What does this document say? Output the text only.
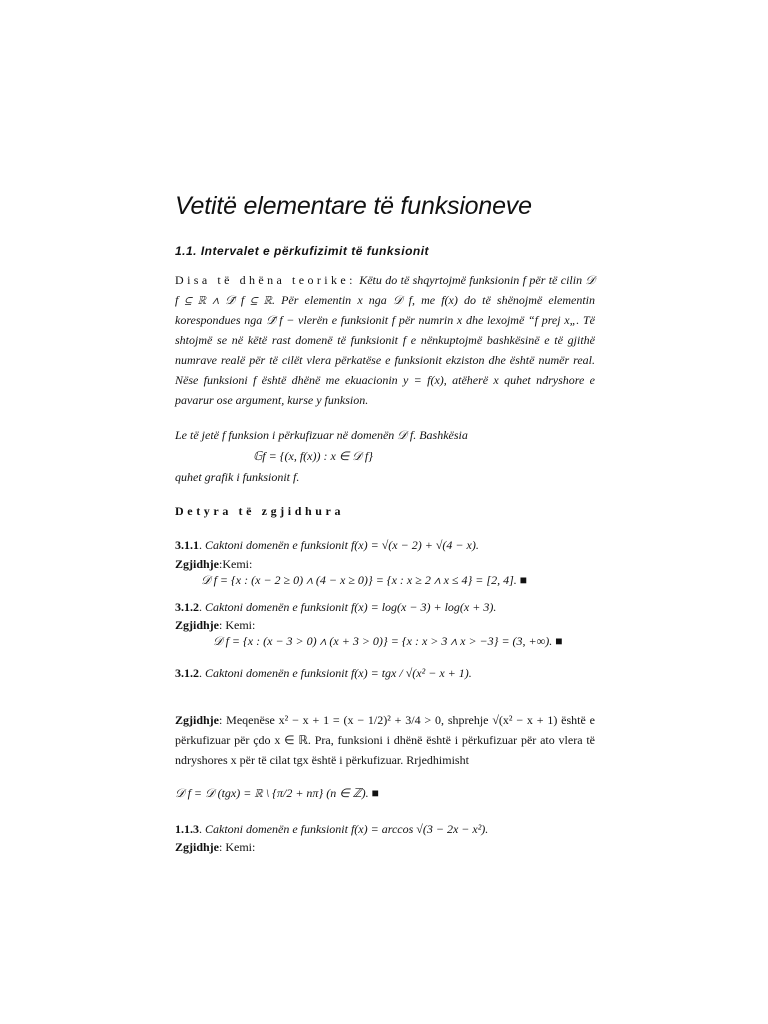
Vetitë elementare të funksioneve
1.1. Intervalet e përkufizimit të funksionit
Disa të dhëna teorike: Këtu do të shqyrtojmë funksionin f për të cilin 𝒟 f ⊆ ℝ ∧ 𝒟̄ f ⊆ ℝ. Për elementin x nga 𝒟 f, me f(x) do të shënojmë elementin korespondues nga 𝒟̄ f − vlerën e funksionit f për numrin x dhe lexojmë “f prej x„. Të shtojmë se në këtë rast domenë të funksionit f e nënkuptojmë bashkësinë e të gjithë numrave realë për të cilët vlera përkatëse e funksionit ekziston dhe është numër real. Nëse funksioni f është dhënë me ekuacionin y = f(x), atëherë x quhet ndryshore e pavarur ose argument, kurse y funksion.
Le të jetë f funksion i përkufizuar në domenën 𝒟 f. Bashkësia
𝔾f = {(x, f(x)) : x ∈ 𝒟 f}
quhet grafik i funksionit f.
Detyra të zgjidhura
3.1.1. Caktoni domenën e funksionit f(x) = √(x − 2) + √(4 − x).
Zgjidhje:Kemi:
𝒟 f = {x : (x − 2 ≥ 0) ∧ (4 − x ≥ 0)} = {x : x ≥ 2 ∧ x ≤ 4} = [2, 4]. ■
3.1.2. Caktoni domenën e funksionit f(x) = log(x − 3) + log(x + 3).
Zgjidhje: Kemi:
𝒟 f = {x : (x − 3 > 0) ∧ (x + 3 > 0)} = {x : x > 3 ∧ x > −3} = (3, +∞). ■
3.1.2. Caktoni domenën e funksionit f(x) = tgx / √(x² − x + 1).
Zgjidhje: Meqenëse x² − x + 1 = (x − 1/2)² + 3/4 > 0, shprehje √(x² − x + 1) është e përkufizuar për çdo x ∈ ℝ. Pra, funksioni i dhënë është i përkufizuar për ato vlera të ndryshores x për të cilat tgx është i përkufizuar. Rrjedhimisht
𝒟 f = 𝒟 (tgx) = ℝ \ {π/2 + nπ} (n ∈ ℤ). ■
1.1.3. Caktoni domenën e funksionit f(x) = arccos √(3 − 2x − x²).
Zgjidhje: Kemi:
